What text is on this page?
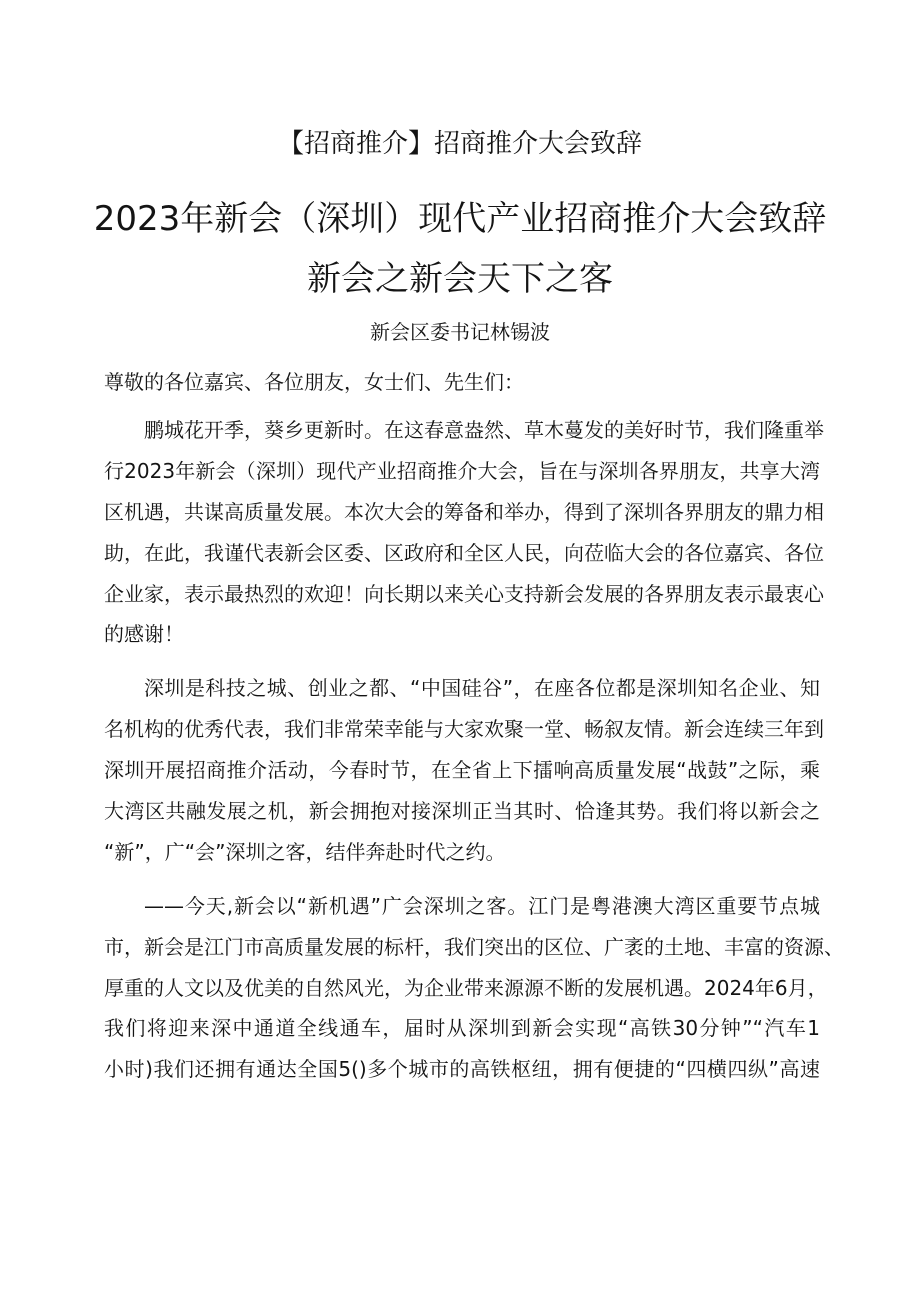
【招商推介】招商推介大会致辞
2023年新会（深圳）现代产业招商推介大会致辞
新会之新会天下之客
新会区委书记林锡波
尊敬的各位嘉宾、各位朋友，女士们、先生们：
鹏城花开季，葵乡更新时。在这春意盎然、草木蔓发的美好时节，我们隆重举
行2023年新会（深圳）现代产业招商推介大会，旨在与深圳各界朋友，共享大湾
区机遇，共谋高质量发展。本次大会的筹备和举办，得到了深圳各界朋友的鼎力相
助，在此，我谨代表新会区委、区政府和全区人民，向莅临大会的各位嘉宾、各位
企业家，表示最热烈的欢迎！向长期以来关心支持新会发展的各界朋友表示最衷心
的感谢！
深圳是科技之城、创业之都、“中国硅谷”，在座各位都是深圳知名企业、知
名机构的优秀代表，我们非常荣幸能与大家欢聚一堂、畅叙友情。新会连续三年到
深圳开展招商推介活动，今春时节，在全省上下擂响高质量发展“战鼓”之际，乘
大湾区共融发展之机，新会拥抱对接深圳正当其时、恰逢其势。我们将以新会之
“新”，广“会”深圳之客，结伴奔赴时代之约。
——今天,新会以“新机遇”广会深圳之客。江门是粤港澳大湾区重要节点城
市，新会是江门市高质量发展的标杆，我们突出的区位、广袤的土地、丰富的资源、
厚重的人文以及优美的自然风光，为企业带来源源不断的发展机遇。2024年6月，
我们将迎来深中通道全线通车，届时从深圳到新会实现“高铁30分钟”“汽车1
小时)我们还拥有通达全国5()多个城市的高铁枢纽，拥有便捷的“四横四纵”高速
